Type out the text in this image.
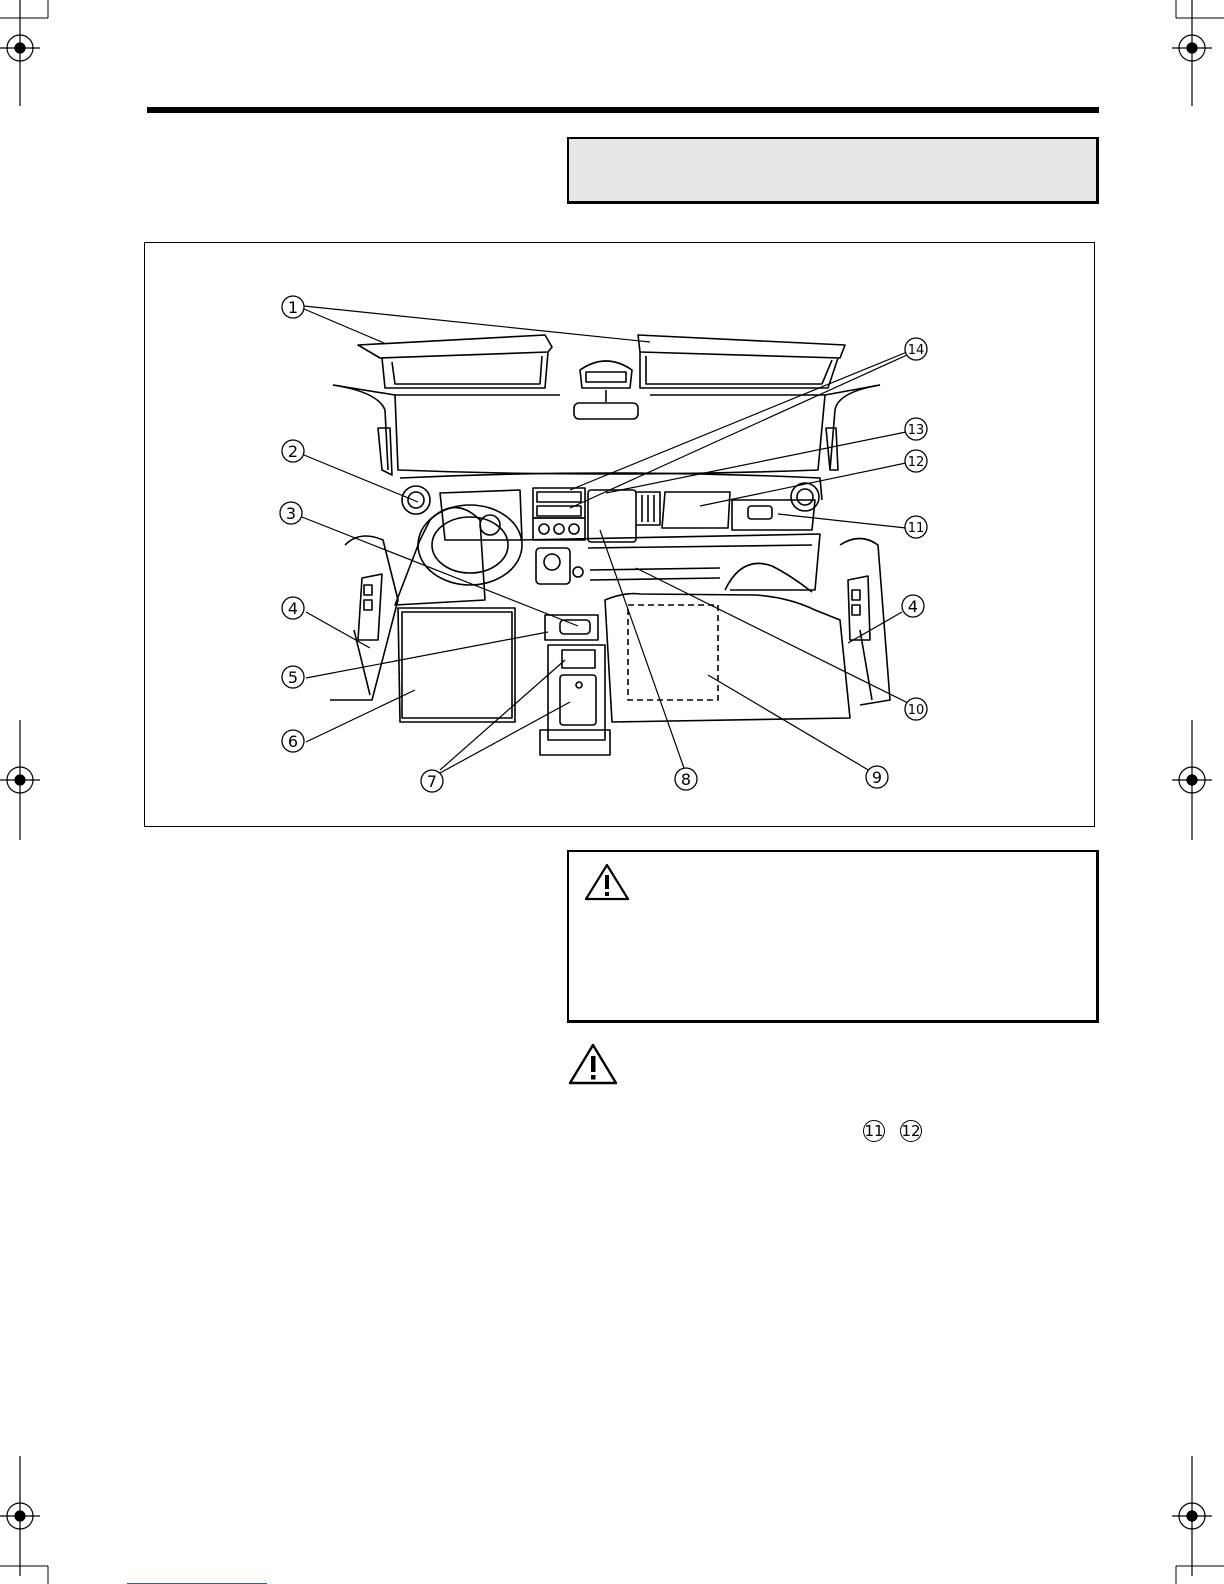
1
2
3
4
5
6
7	8	9
10
11
12
13
14
4
11 12
